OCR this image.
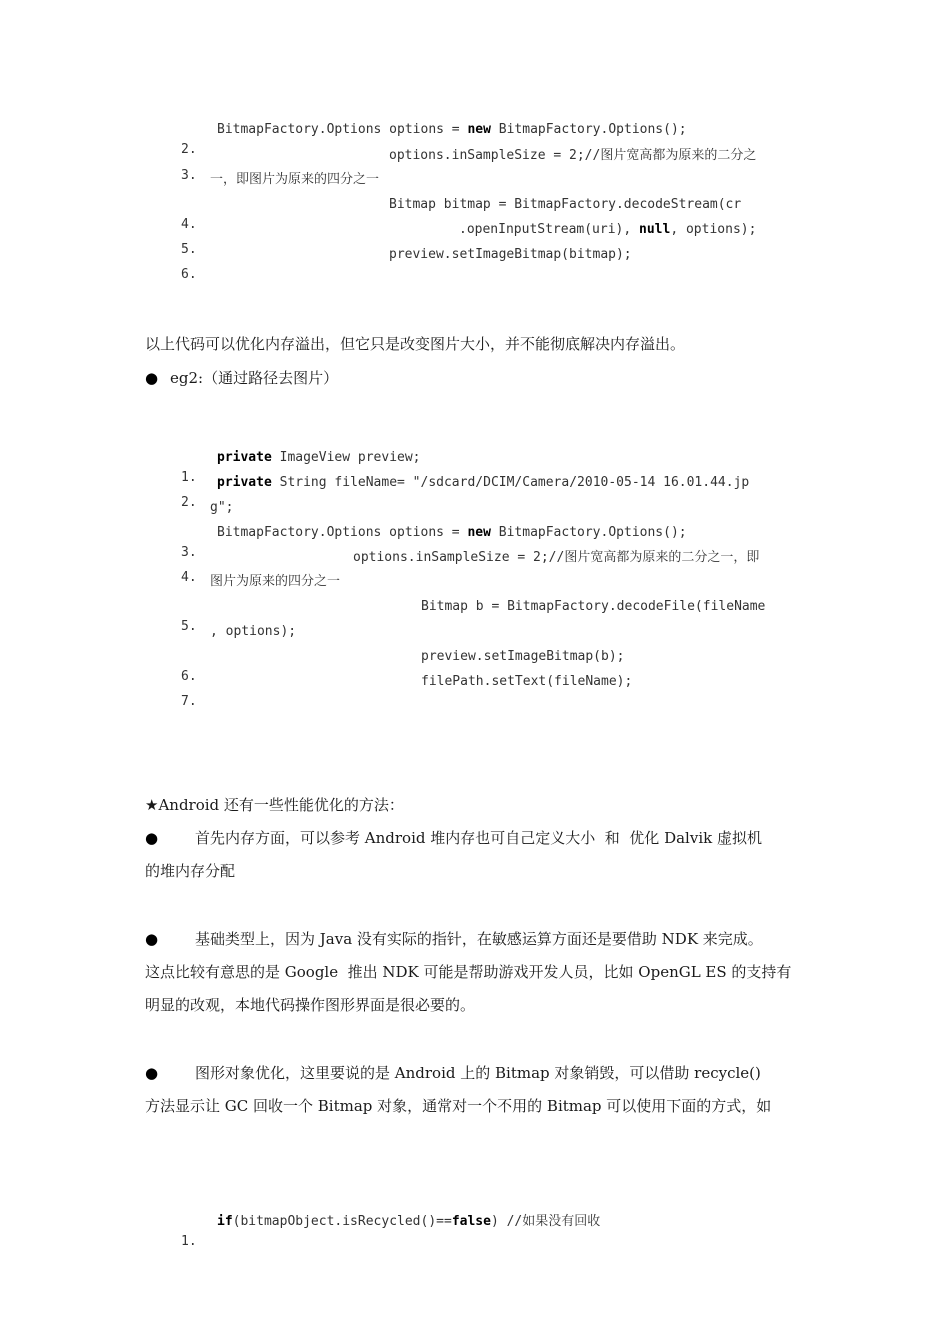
2.

BitmapFactory.Options options = new BitmapFactory.Options();

3.

options.inSampleSize = 2;//图片宽高都为原来的二分之

一，即图片为原来的四分之一

4.

Bitmap bitmap = BitmapFactory.decodeStream(cr

5.

.openInputStream(uri), null, options);

6.

preview.setImageBitmap(bitmap);

以上代码可以优化内存溢出，但它只是改变图片大小，并不能彻底解决内存溢出。
● eg2:（通过路径去图片）

1.

private ImageView preview;

2.

private String fileName= "/sdcard/DCIM/Camera/2010-05-14 16.01.44.jp

g";

3.

BitmapFactory.Options options = new BitmapFactory.Options();

4.

options.inSampleSize = 2;//图片宽高都为原来的二分之一，即

图片为原来的四分之一

5.

Bitmap b = BitmapFactory.decodeFile(fileName

, options);

6.

preview.setImageBitmap(b);

7.

filePath.setText(fileName);

★Android 还有一些性能优化的方法：
● 首先内存方面，可以参考 Android 堆内存也可自己定义大小  和  优化 Dalvik 虚拟机
的堆内存分配
● 基础类型上，因为 Java 没有实际的指针，在敏感运算方面还是要借助 NDK 来完成。
这点比较有意思的是 Google  推出 NDK 可能是帮助游戏开发人员，比如 OpenGL ES 的支持有
明显的改观，本地代码操作图形界面是很必要的。
● 图形对象优化，这里要说的是 Android 上的 Bitmap 对象销毁，可以借助 recycle()
方法显示让 GC 回收一个 Bitmap 对象，通常对一个不用的 Bitmap 可以使用下面的方式，如

1.

if(bitmapObject.isRecycled()==false) //如果没有回收
